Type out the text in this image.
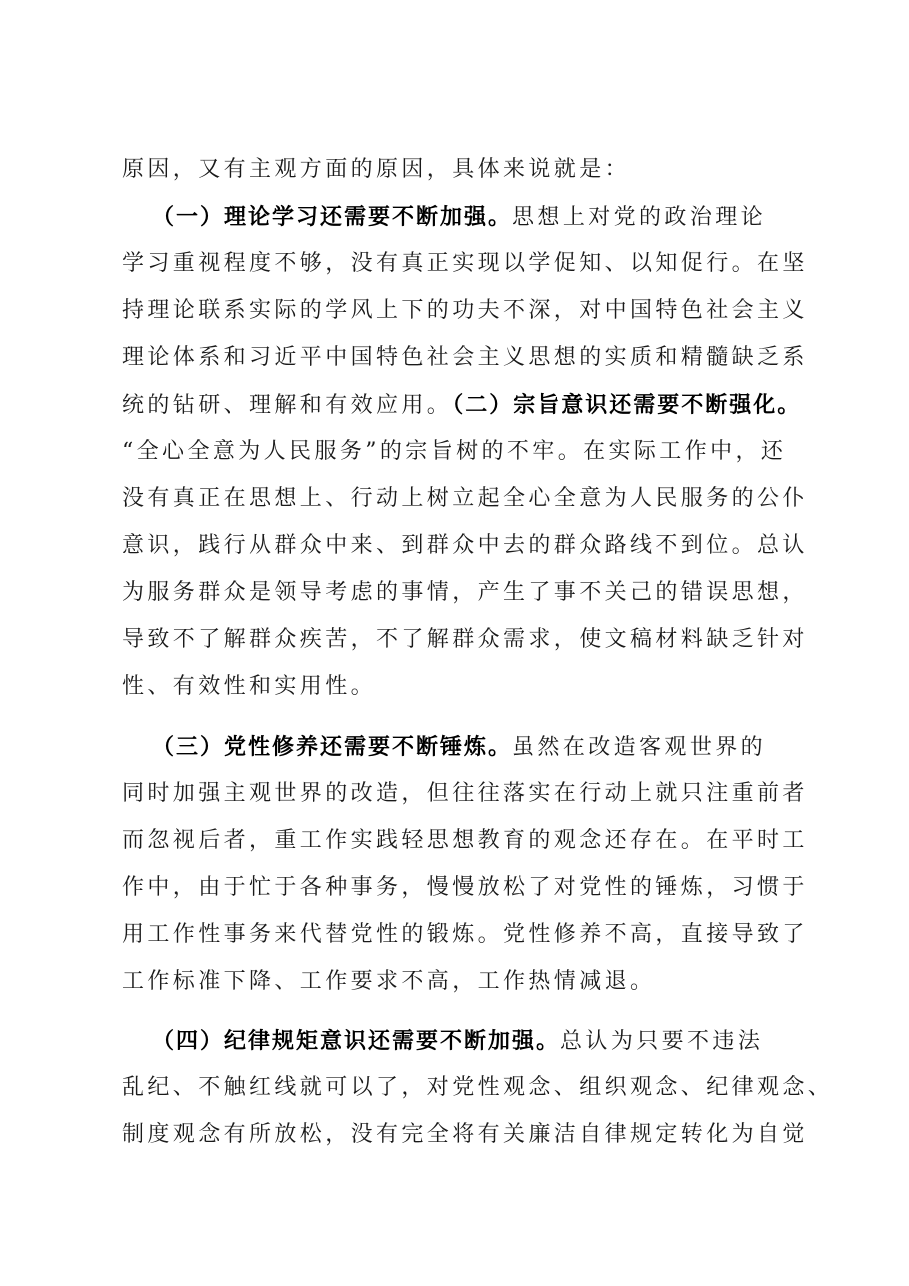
原因，又有主观方面的原因，具体来说就是：
（一）理论学习还需要不断加强。思想上对党的政治理论
学习重视程度不够，没有真正实现以学促知、以知促行。在坚
持理论联系实际的学风上下的功夫不深，对中国特色社会主义
理论体系和习近平中国特色社会主义思想的实质和精髓缺乏系
统的钻研、理解和有效应用。（二）宗旨意识还需要不断强化。
“全心全意为人民服务”的宗旨树的不牢。在实际工作中，还
没有真正在思想上、行动上树立起全心全意为人民服务的公仆
意识，践行从群众中来、到群众中去的群众路线不到位。总认
为服务群众是领导考虑的事情，产生了事不关己的错误思想，
导致不了解群众疾苦，不了解群众需求，使文稿材料缺乏针对
性、有效性和实用性。
（三）党性修养还需要不断锤炼。虽然在改造客观世界的
同时加强主观世界的改造，但往往落实在行动上就只注重前者
而忽视后者，重工作实践轻思想教育的观念还存在。在平时工
作中，由于忙于各种事务，慢慢放松了对党性的锤炼，习惯于
用工作性事务来代替党性的锻炼。党性修养不高，直接导致了
工作标准下降、工作要求不高，工作热情减退。
（四）纪律规矩意识还需要不断加强。总认为只要不违法
乱纪、不触红线就可以了，对党性观念、组织观念、纪律观念、
制度观念有所放松，没有完全将有关廉洁自律规定转化为自觉
